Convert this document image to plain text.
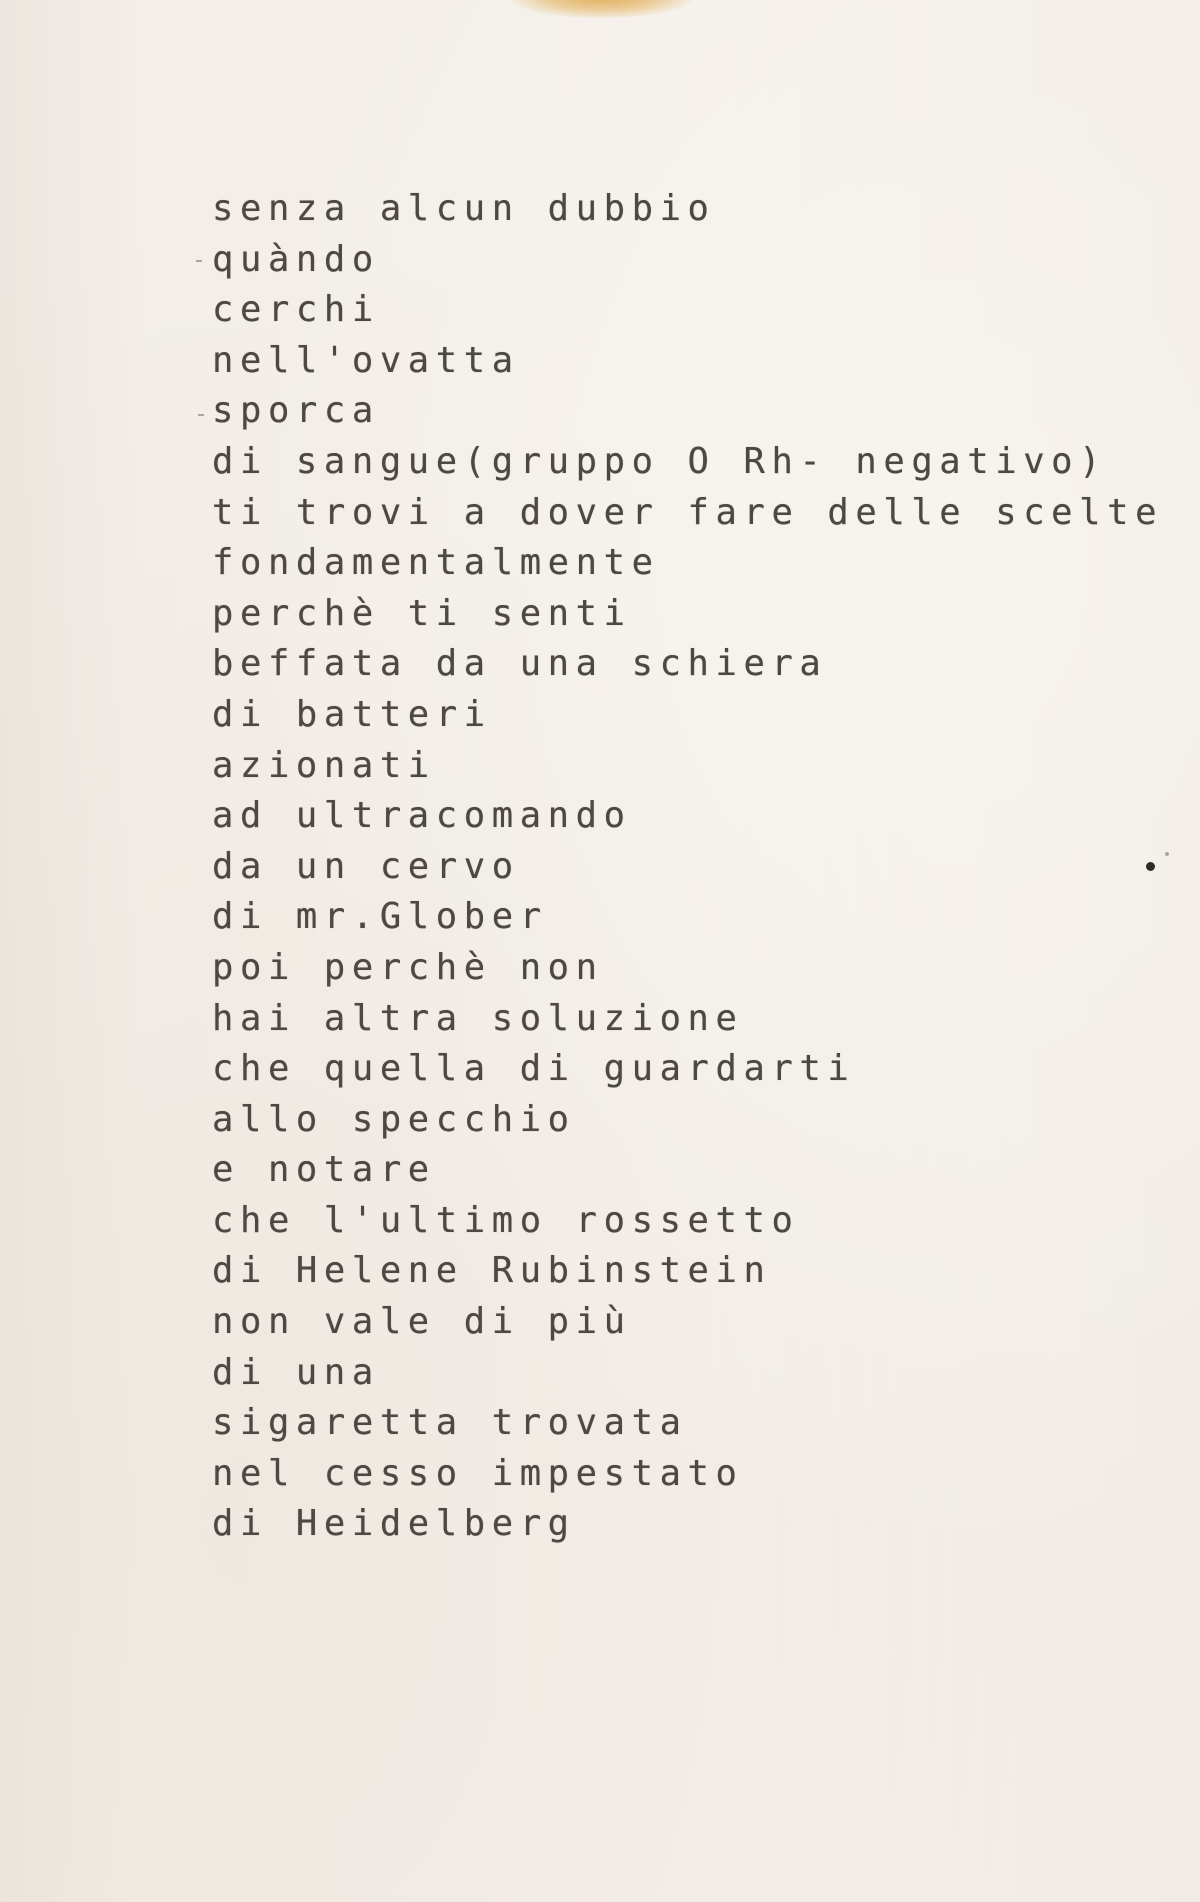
senza alcun dubbio
quàndo
cerchi
nell'ovatta
sporca
di sangue(gruppo O Rh- negativo)
ti trovi a dover fare delle scelte
fondamentalmente
perchè ti senti
beffata da una schiera
di batteri
azionati
ad ultracomando
da un cervo
di mr.Glober
poi perchè non
hai altra soluzione
che quella di guardarti
allo specchio
e notare
che l'ultimo rossetto
di Helene Rubinstein
non vale di più
di una
sigaretta trovata
nel cesso impestato
di Heidelberg
